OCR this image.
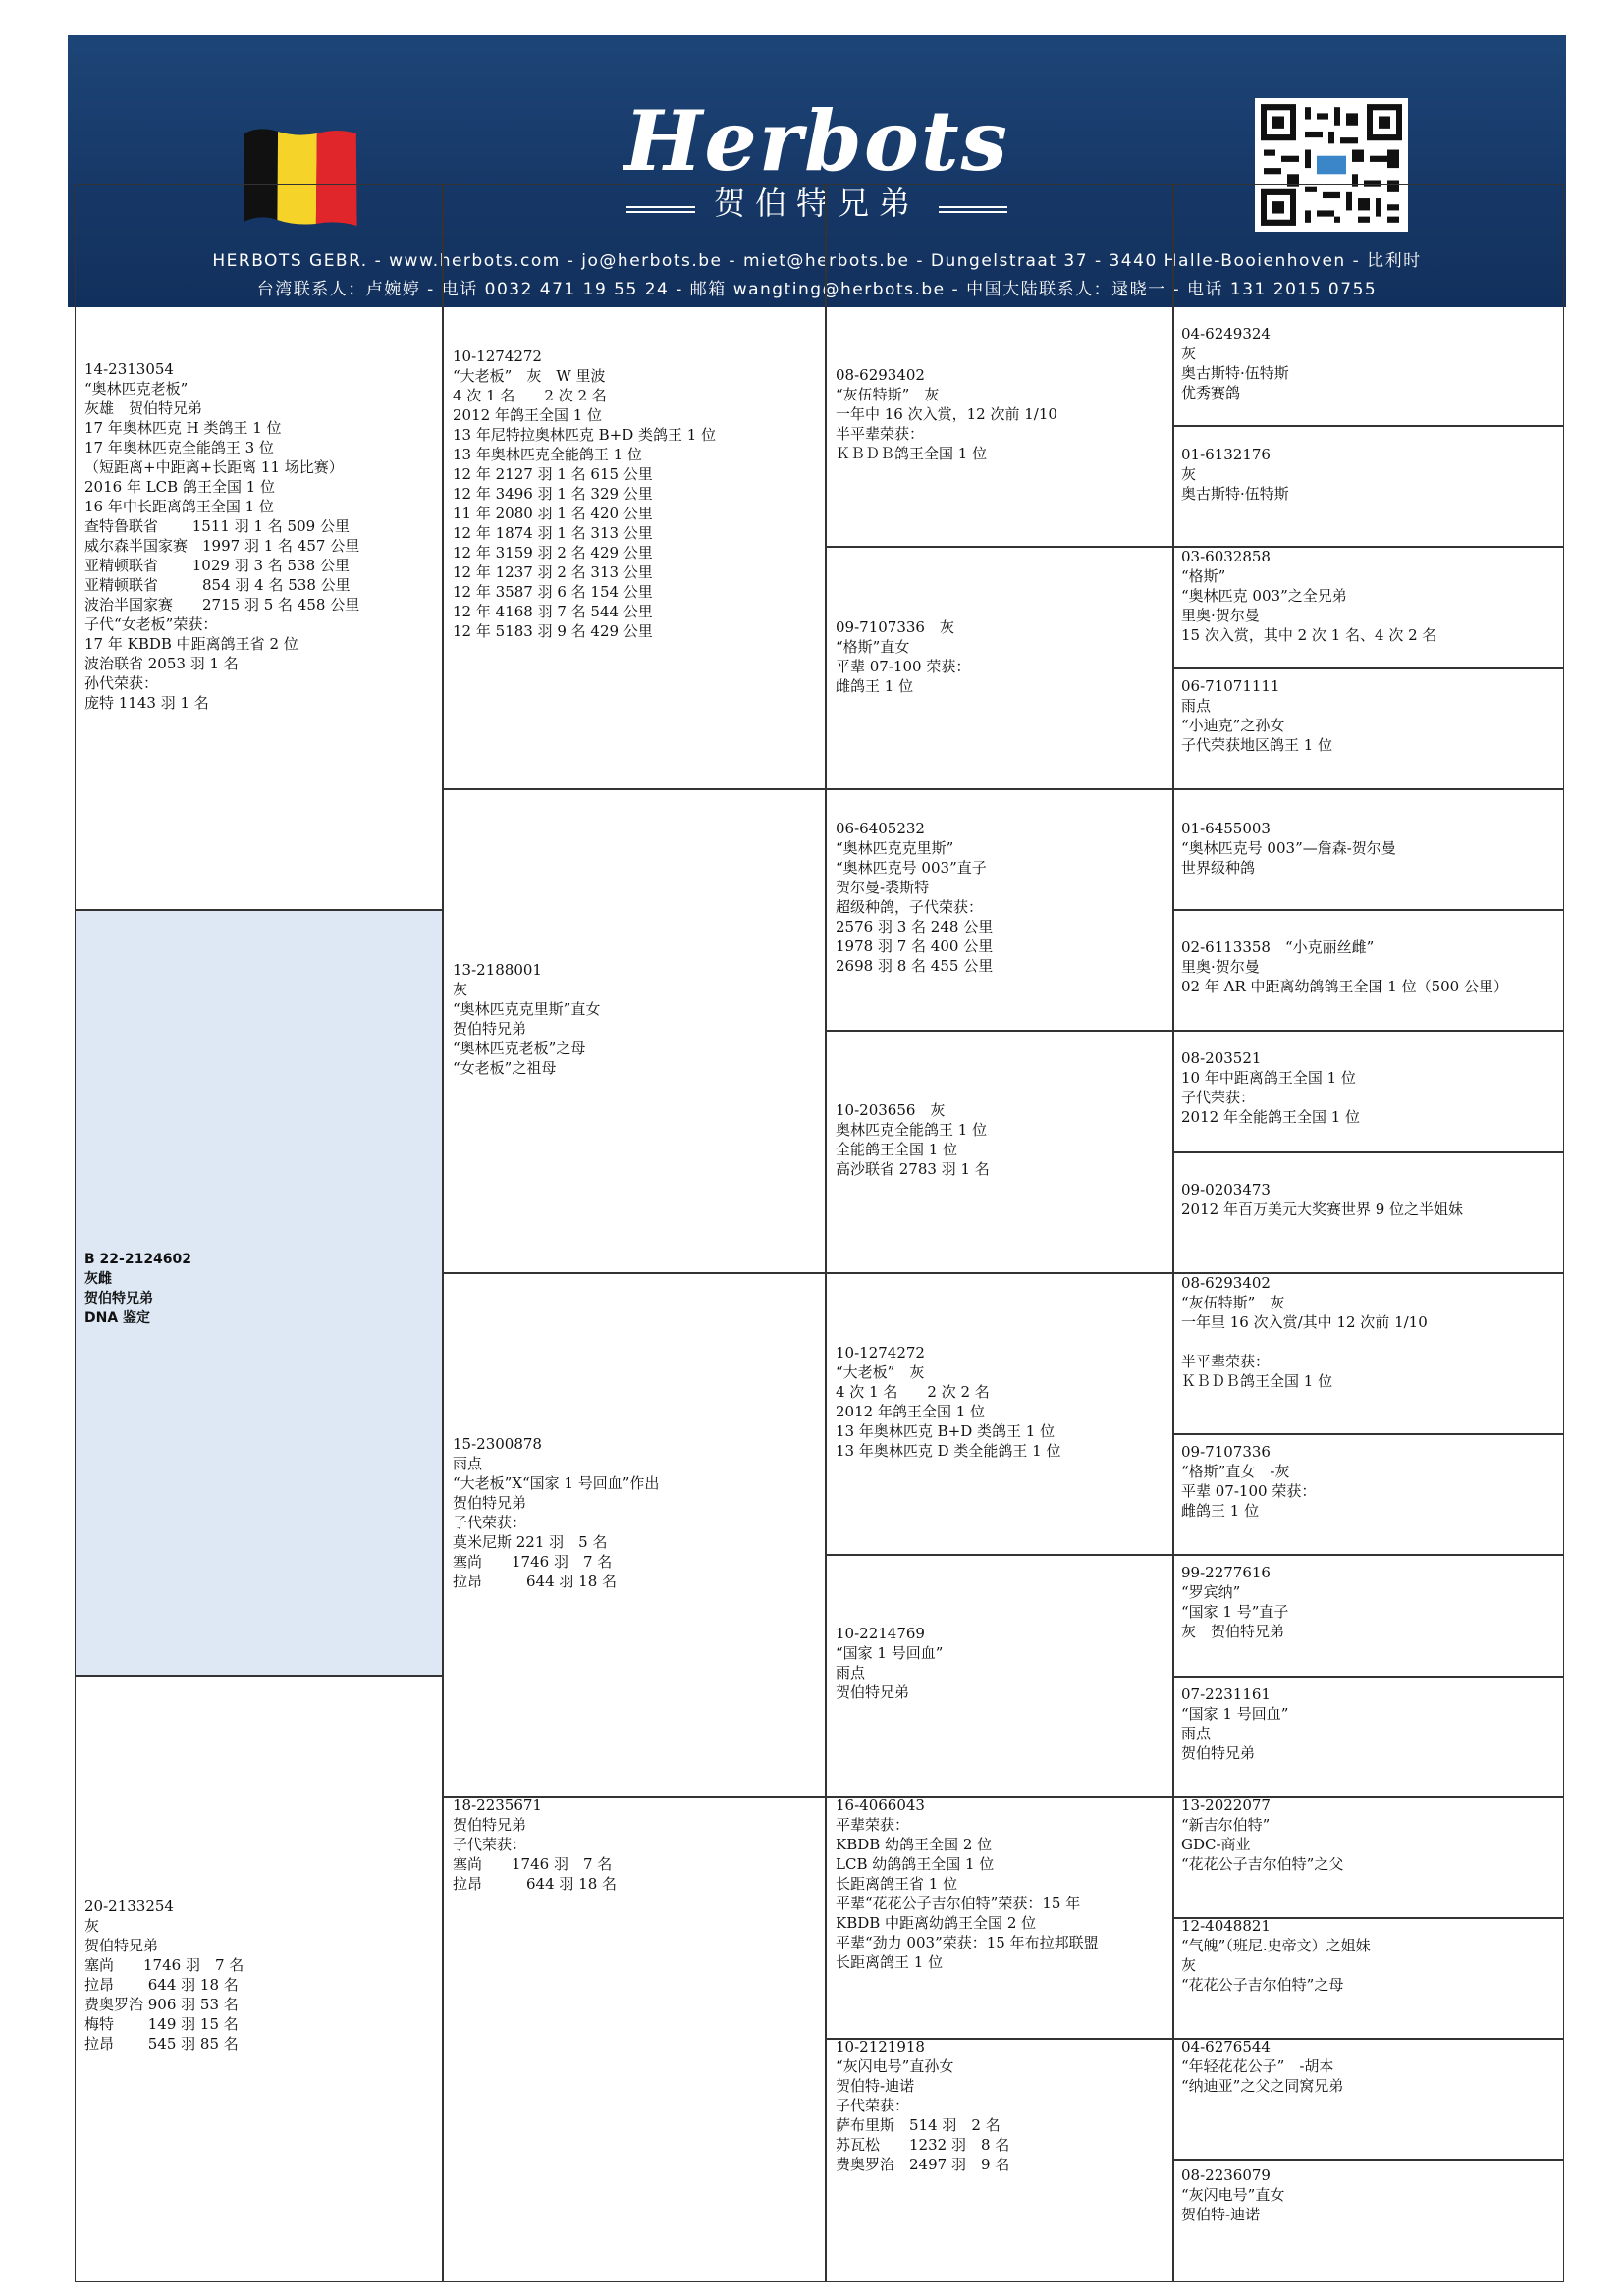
Herbots
贺伯特兄弟
HERBOTS GEBR. - www.herbots.com - jo@herbots.be - miet@herbots.be - Dungelstraat 37 - 3440 Halle-Booienhoven - 比利时
台湾联系人：卢婉婷 - 电话 0032 471 19 55 24 - 邮箱 wangting@herbots.be - 中国大陆联系人：逯晓一 - 电话 131 2015 0755
14-2313054
“奥林匹克老板”
灰雄　贺伯特兄弟
17 年奥林匹克 H 类鸽王 1 位
17 年奥林匹克全能鸽王 3 位
（短距离+中距离+长距离 11 场比赛）
2016 年 LCB 鸽王全国 1 位
16 年中长距离鸽王全国 1 位
查特鲁联省　　 1511 羽 1 名 509 公里
威尔森半国家赛　1997 羽 1 名 457 公里
亚精顿联省　　 1029 羽 3 名 538 公里
亚精顿联省　　　854 羽 4 名 538 公里
波治半国家赛　　2715 羽 5 名 458 公里
子代“女老板”荣获：
17 年 KBDB 中距离鸽王省 2 位
波治联省 2053 羽 1 名
孙代荣获：
庞特 1143 羽 1 名
B 22-2124602
灰雌
贺伯特兄弟
DNA 鉴定
20-2133254
灰
贺伯特兄弟
塞尚　　1746 羽　7 名
拉昂　　 644 羽 18 名
费奥罗治 906 羽 53 名
梅特　　 149 羽 15 名
拉昂　　 545 羽 85 名
10-1274272
“大老板”　灰　W 里波
4 次 1 名　　2 次 2 名
2012 年鸽王全国 1 位
13 年尼特拉奥林匹克 B+D 类鸽王 1 位
13 年奥林匹克全能鸽王 1 位
12 年 2127 羽 1 名 615 公里
12 年 3496 羽 1 名 329 公里
11 年 2080 羽 1 名 420 公里
12 年 1874 羽 1 名 313 公里
12 年 3159 羽 2 名 429 公里
12 年 1237 羽 2 名 313 公里
12 年 3587 羽 6 名 154 公里
12 年 4168 羽 7 名 544 公里
12 年 5183 羽 9 名 429 公里
13-2188001
灰
“奥林匹克克里斯”直女
贺伯特兄弟
“奥林匹克老板”之母
“女老板”之祖母
15-2300878
雨点
“大老板”X“国家 1 号回血”作出
贺伯特兄弟
子代荣获：
莫米尼斯 221 羽　5 名
塞尚　　1746 羽　7 名
拉昂　　　644 羽 18 名
18-2235671
贺伯特兄弟
子代荣获：
塞尚　　1746 羽　7 名
拉昂　　　644 羽 18 名
08-6293402
“灰伍特斯”　灰
一年中 16 次入赏，12 次前 1/10
半平辈荣获：
ＫＢＤＢ鸽王全国 1 位
09-7107336　灰
“格斯”直女
平辈 07-100 荣获：
雌鸽王 1 位
06-6405232
“奥林匹克克里斯”
“奥林匹克号 003”直子
贺尔曼-裘斯特
超级种鸽，子代荣获：
2576 羽 3 名 248 公里
1978 羽 7 名 400 公里
2698 羽 8 名 455 公里
10-203656　灰
奥林匹克全能鸽王 1 位
全能鸽王全国 1 位
高沙联省 2783 羽 1 名
10-1274272
“大老板”　灰
4 次 1 名　　2 次 2 名
2012 年鸽王全国 1 位
13 年奥林匹克 B+D 类鸽王 1 位
13 年奥林匹克 D 类全能鸽王 1 位
10-2214769
“国家 1 号回血”
雨点
贺伯特兄弟
16-4066043
平辈荣获：
KBDB 幼鸽王全国 2 位
LCB 幼鸽鸽王全国 1 位
长距离鸽王省 1 位
平辈“花花公子吉尔伯特”荣获：15 年
KBDB 中距离幼鸽王全国 2 位
平辈“劲力 003”荣获：15 年布拉邦联盟
长距离鸽王 1 位
10-2121918
“灰闪电号”直孙女
贺伯特-迪诺
子代荣获：
萨布里斯　514 羽　2 名
苏瓦松　　1232 羽　8 名
费奥罗治　2497 羽　9 名
04-6249324
灰
奥古斯特·伍特斯
优秀赛鸽
01-6132176
灰
奥古斯特·伍特斯
03-6032858
“格斯”
“奥林匹克 003”之全兄弟
里奥·贺尔曼
15 次入赏，其中 2 次 1 名、4 次 2 名
06-71071111
雨点
“小迪克”之孙女
子代荣获地区鸽王 1 位
01-6455003
“奥林匹克号 003”—詹森-贺尔曼
世界级种鸽
02-6113358　“小克丽丝雌”
里奥·贺尔曼
02 年 AR 中距离幼鸽鸽王全国 1 位（500 公里）
08-203521
10 年中距离鸽王全国 1 位
子代荣获：
2012 年全能鸽王全国 1 位
09-0203473
2012 年百万美元大奖赛世界 9 位之半姐妹
08-6293402
“灰伍特斯”　灰
一年里 16 次入赏/其中 12 次前 1/10

半平辈荣获：
ＫＢＤＢ鸽王全国 1 位
09-7107336
“格斯”直女　-灰
平辈 07-100 荣获：
雌鸽王 1 位
99-2277616
“罗宾纳”
“国家 1 号”直子
灰　贺伯特兄弟
07-2231161
“国家 1 号回血”
雨点
贺伯特兄弟
13-2022077
“新吉尔伯特”
GDC-商业
“花花公子吉尔伯特”之父
12-4048821
“气魄”（班尼.史帝文）之姐妹
灰
“花花公子吉尔伯特”之母
04-6276544
“年轻花花公子”　-胡本
“纳迪亚”之父之同窝兄弟
08-2236079
“灰闪电号”直女
贺伯特-迪诺
